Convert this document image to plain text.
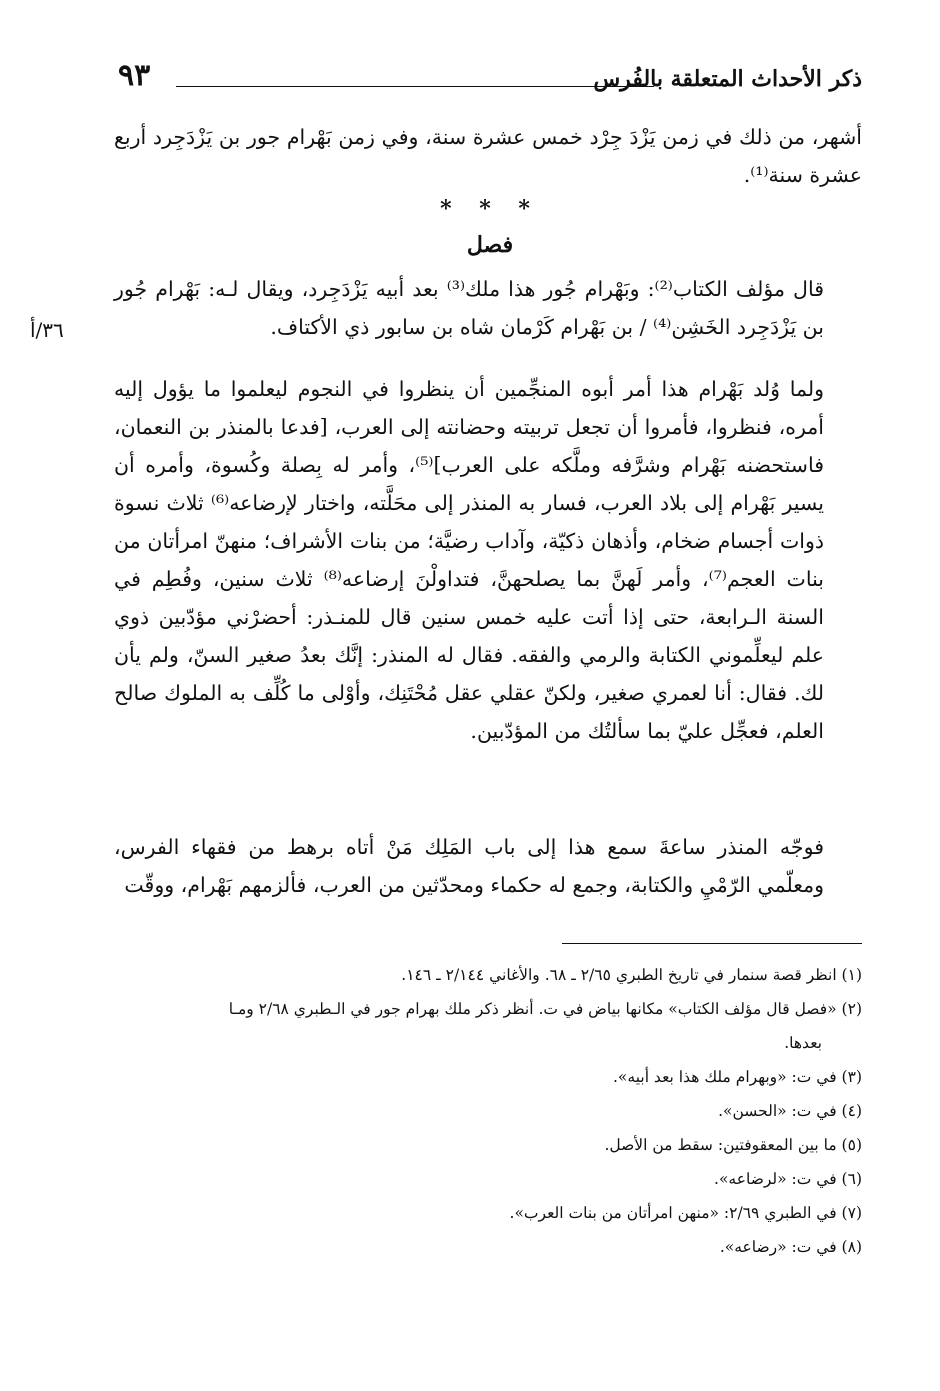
ذكر الأحداث المتعلقة بالفُرس
٩٣

أشهر، من ذلك في زمن يَزْدَ جِرْد خمس عشرة سنة، وفي زمن بَهْرام جور بن يَزْدَجِرد أربع عشرة سنة⁽¹⁾.

* * *
فصل

قال مؤلف الكتاب⁽²⁾: وبَهْرام جُور هذا ملك⁽³⁾ بعد أبيه يَزْدَجِرد، ويقال لـه: بَهْرام جُور بن يَزْدَجِرد الخَشِن⁽⁴⁾ / بن بَهْرام كَرْمان شاه بن سابور ذي الأكتاف.

٣٦/أ

ولما وُلد بَهْرام هذا أمر أبوه المنجِّمين أن ينظروا في النجوم ليعلموا ما يؤول إليه أمره، فنظروا، فأمروا أن تجعل تربيته وحضانته إلى العرب، [فدعا بالمنذر بن النعمان، فاستحضنه بَهْرام وشرَّفه وملَّكه على العرب]⁽⁵⁾، وأمر له بِصلة وكُسوة، وأمره أن يسير بَهْرام إلى بلاد العرب، فسار به المنذر إلى محَلَّته، واختار لإرضاعه⁽⁶⁾ ثلاث نسوة ذوات أجسام ضخام، وأذهان ذكيّة، وآداب رضيَّة؛ من بنات الأشراف؛ منهنّ امرأتان من بنات العجم⁽⁷⁾، وأمر لَهنَّ بما يصلحهنَّ، فتداولْنَ إرضاعه⁽⁸⁾ ثلاث سنين، وفُطِم في السنة الـرابعة، حتى إذا أتت عليه خمس سنين قال للمنـذر: أحضرْني مؤدّبين ذوي علم ليعلِّموني الكتابة والرمي والفقه. فقال له المنذر: إنَّك بعدُ صغير السنّ، ولم يأن لك. فقال: أنا لعمري صغير، ولكنّ عقلي عقل مُحْتَنِك، وأوْلى ما كُلِّف به الملوك صالح العلم، فعجِّل عليّ بما سألتُك من المؤدّبين.

فوجّه المنذر ساعةَ سمع هذا إلى باب المَلِك مَنْ أتاه برهط من فقهاء الفرس، ومعلّمي الرّمْيِ والكتابة، وجمع له حكماء ومحدّثين من العرب، فألزمهم بَهْرام، ووقّت

(١) انظر قصة سنمار في تاريخ الطبري ٢/٦٥ ـ ٦٨. والأغاني ٢/١٤٤ ـ ١٤٦.
(٢) «فصل قال مؤلف الكتاب» مكانها بياض في ت. أنظر ذكر ملك بهرام جور في الـطبري ٢/٦٨ ومـا
بعدها.
(٣) في ت: «وبهرام ملك هذا بعد أبيه».
(٤) في ت: «الحسن».
(٥) ما بين المعقوفتين: سقط من الأصل.
(٦) في ت: «لرضاعه».
(٧) في الطبري ٢/٦٩: «منهن امرأتان من بنات العرب».
(٨) في ت: «رضاعه».
